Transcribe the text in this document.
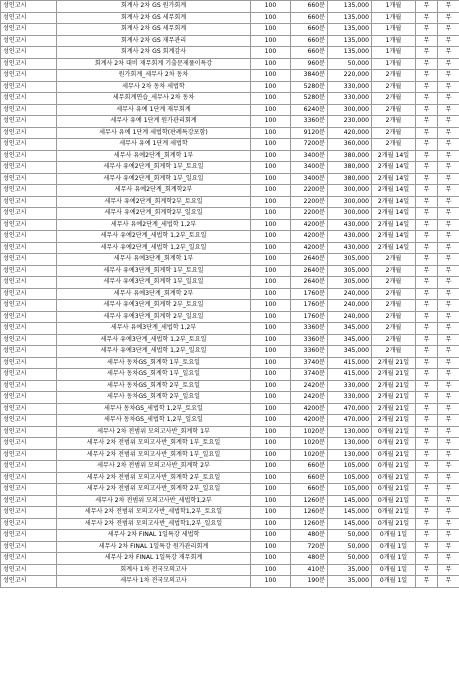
성인고시	회계사 2차 GS 원가회계	100	660분	135,000	1개월	무	무
성인고시	회계사 2차 GS 세무회계	100	660분	135,000	1개월	무	무
성인고시	회계사 2차 GS 세무회계	100	660분	135,000	1개월	무	무
성인고시	회계사 2차 GS 재무관리	100	660분	135,000	1개월	무	무
성인고시	회계사 2차 GS 회계감사	100	660분	135,000	1개월	무	무
성인고시	회계사 2차 대비 재무회계 기출문제풀이특강	100	960분	50,000	1개월	무	무
성인고시	원가회계_세무사 2차 동차	100	3840분	220,000	2개월	무	무
성인고시	세무사 2차 동차 세법학	100	5280분	330,000	2개월	무	무
성인고시	세무회계연습_세무사 2차 동차	100	5280분	330,000	2개월	무	무
성인고시	세무사 유예 1단계 재무회계	100	6240분	300,000	2개월	무	무
성인고시	세무사 유예 1단계 원가관리회계	100	3360분	230,000	2개월	무	무
성인고시	세무사 유예 1단계 세법학(판례특강포함)	100	9120분	420,000	2개월	무	무
성인고시	세무사 유예 1단계 세법학	100	7200분	360,000	2개월	무	무
성인고시	세무사 유예2단계_회계학 1부	100	3400분	380,000	2개월 14일	무	무
성인고시	세무사 유예2단계_회계학 1부_토요일	100	3400분	380,000	2개월 14일	무	무
성인고시	세무사 유예2단계_회계학 1부_일요일	100	3400분	380,000	2개월 14일	무	무
성인고시	세무사 유예2단계_회계학2부	100	2200분	300,000	2개월 14일	무	무
성인고시	세무사 유예2단계_회계학2부_토요일	100	2200분	300,000	2개월 14일	무	무
성인고시	세무사 유예2단계_회계학2부_일요일	100	2200분	300,000	2개월 14일	무	무
성인고시	세무사 유예2단계_세법학 1,2부	100	4200분	430,000	2개월 14일	무	무
성인고시	세무사 유예2단계_세법학 1,2부_토요일	100	4200분	430,000	2개월 14일	무	무
성인고시	세무사 유예2단계_세법학 1,2부_일요일	100	4200분	430,000	2개월 14일	무	무
성인고시	세무사 유예3단계_회계학 1부	100	2640분	305,000	2개월	무	무
성인고시	세무사 유예3단계_회계학 1부_토요일	100	2640분	305,000	2개월	무	무
성인고시	세무사 유예3단계_회계학 1부_일요일	100	2640분	305,000	2개월	무	무
성인고시	세무사 유예3단계_회계학 2부	100	1760분	240,000	2개월	무	무
성인고시	세무사 유예3단계_회계학 2부_토요일	100	1760분	240,000	2개월	무	무
성인고시	세무사 유예3단계_회계학 2부_일요일	100	1760분	240,000	2개월	무	무
성인고시	세무사 유예3단계_세법학 1,2부	100	3360분	345,000	2개월	무	무
성인고시	세무사 유예3단계_세법학 1,2부_토요일	100	3360분	345,000	2개월	무	무
성인고시	세무사 유예3단계_세법학 1,2부_일요일	100	3360분	345,000	2개월	무	무
성인고시	세무사 동차GS_회계학 1부_토요일	100	3740분	415,000	2개월 21일	무	무
성인고시	세무사 동차GS_회계학 1부_일요일	100	3740분	415,000	2개월 21일	무	무
성인고시	세무사 동차GS_회계학 2부_토요일	100	2420분	330,000	2개월 21일	무	무
성인고시	세무사 동차GS_회계학 2부_일요일	100	2420분	330,000	2개월 21일	무	무
성인고시	세무사 동차GS_세법학 1,2부_토요일	100	4200분	470,000	2개월 21일	무	무
성인고시	세무사 동차GS_세법학 1,2부_일요일	100	4200분	470,000	2개월 21일	무	무
성인고시	세무사 2차 전범위 모의고사반_회계학 1부	100	1020분	130,000	0개월 21일	무	무
성인고시	세무사 2차 전범위 모의고사반_회계학 1부_토요일	100	1020분	130,000	0개월 21일	무	무
성인고시	세무사 2차 전범위 모의고사반_회계학 1부_일요일	100	1020분	130,000	0개월 21일	무	무
성인고시	세무사 2차 전범위 모의고사반_회계학 2부	100	660분	105,000	0개월 21일	무	무
성인고시	세무사 2차 전범위 모의고사반_회계학 2부_토요일	100	660분	105,000	0개월 21일	무	무
성인고시	세무사 2차 전범위 모의고사반_회계학 2부_일요일	100	660분	105,000	0개월 21일	무	무
성인고시	세무사 2차 전범위 모의고사반_세법학1,2부	100	1260분	145,000	0개월 21일	무	무
성인고시	세무사 2차 전범위 모의고사반_세법학1,2부_토요일	100	1260분	145,000	0개월 21일	무	무
성인고시	세무사 2차 전범위 모의고사반_세법학1,2부_일요일	100	1260분	145,000	0개월 21일	무	무
성인고시	세무사 2차 FINAL 1일특강 세법학	100	480분	50,000	0개월 1일	무	무
성인고시	세무사 2차 FINAL 1일특강 원가관리회계	100	720분	50,000	0개월 1일	무	무
성인고시	세무사 2차 FINAL 1일특강 재무회계	100	480분	50,000	0개월 1일	무	무
성인고시	회계사 1차 전국모의고사	100	410분	35,000	0개월 1일	무	무
성인고시	세무사 1차 전국모의고사	100	190분	35,000	0개월 1일	무	무
